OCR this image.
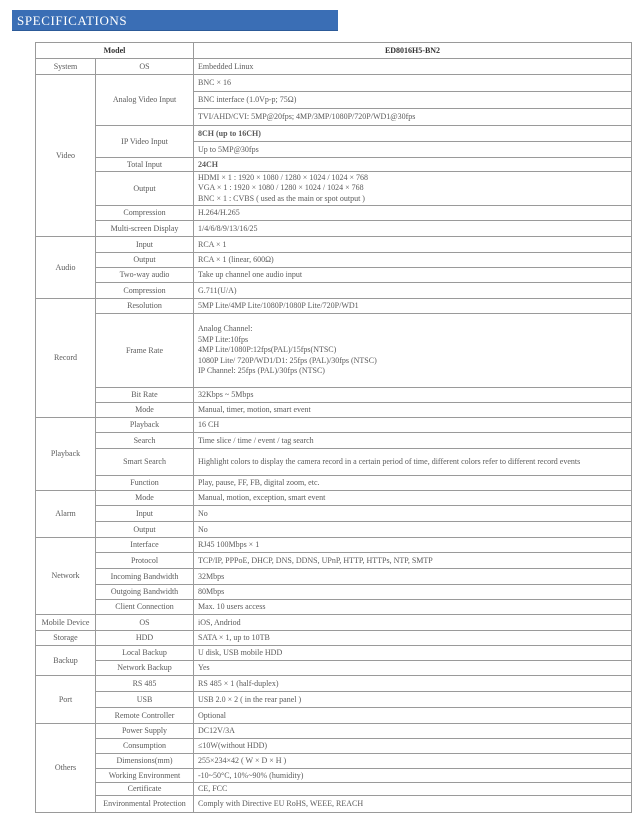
SPECIFICATIONS
Model		ED8016H5-BN2
System	OS	Embedded Linux
Video	Analog Video Input	BNC × 16
		BNC interface (1.0Vp-p; 75Ω)
		TVI/AHD/CVI: 5MP@20fps; 4MP/3MP/1080P/720P/WD1@30fps
	IP Video Input	8CH (up to 16CH)
		Up to 5MP@30fps
	Total Input	24CH
	Output	HDMI × 1 : 1920 × 1080 / 1280 × 1024 / 1024 × 768
VGA × 1 : 1920 × 1080 / 1280 × 1024 / 1024 × 768
BNC × 1 : CVBS ( used as the main or spot output )

	Compression	H.264/H.265
	Multi-screen Display	1/4/6/8/9/13/16/25

Audio	Input	RCA × 1
	Output	RCA × 1 (linear, 600Ω)
	Two-way audio	Take up channel one audio input
	Compression	G.711(U/A)
Record	Resolution	5MP Lite/4MP Lite/1080P/1080P Lite/720P/WD1
	Frame Rate	Analog Channel:
5MP Lite:10fps
4MP Lite/1080P:12fps(PAL)/15fps(NTSC)
1080P Lite/ 720P/WD1/D1: 25fps (PAL)/30fps (NTSC)
IP Channel: 25fps (PAL)/30fps (NTSC)

	Bit Rate	32Kbps ~ 5Mbps
	Mode	Manual, timer, motion, smart event
Playback	Playback	16 CH
	Search	Time slice / time / event / tag search
	Smart Search	Highlight colors to display the camera record in a certain period of time, different colors refer to different record events
	Function	Play, pause, FF, FB, digital zoom, etc.
Alarm	Mode	Manual, motion, exception, smart event
	Input	No
	Output	No
Network	Interface	RJ45 100Mbps × 1
	Protocol	TCP/IP, PPPoE, DHCP, DNS, DDNS, UPnP, HTTP, HTTPs, NTP, SMTP
	Incoming Bandwidth	32Mbps
	Outgoing Bandwidth	80Mbps
	Client Connection	Max. 10 users access
Mobile Device	OS	iOS, Andriod
Storage	HDD	SATA × 1, up to 10TB
Backup	Local Backup	U disk, USB mobile HDD
	Network Backup	Yes
Port	RS 485	RS 485 × 1 (half-duplex)
	USB	USB 2.0 × 2 ( in the rear panel )
	Remote Controller	Optional
Others	Power Supply	DC12V/3A
	Consumption	≤10W(without HDD)
	Dimensions(mm)	255×234×42 ( W × D × H )
	Working Environment	-10~50°C, 10%~90% (humidity)
	Certificate	CE, FCC
	Environmental Protection	Comply with Directive EU RoHS, WEEE, REACH
